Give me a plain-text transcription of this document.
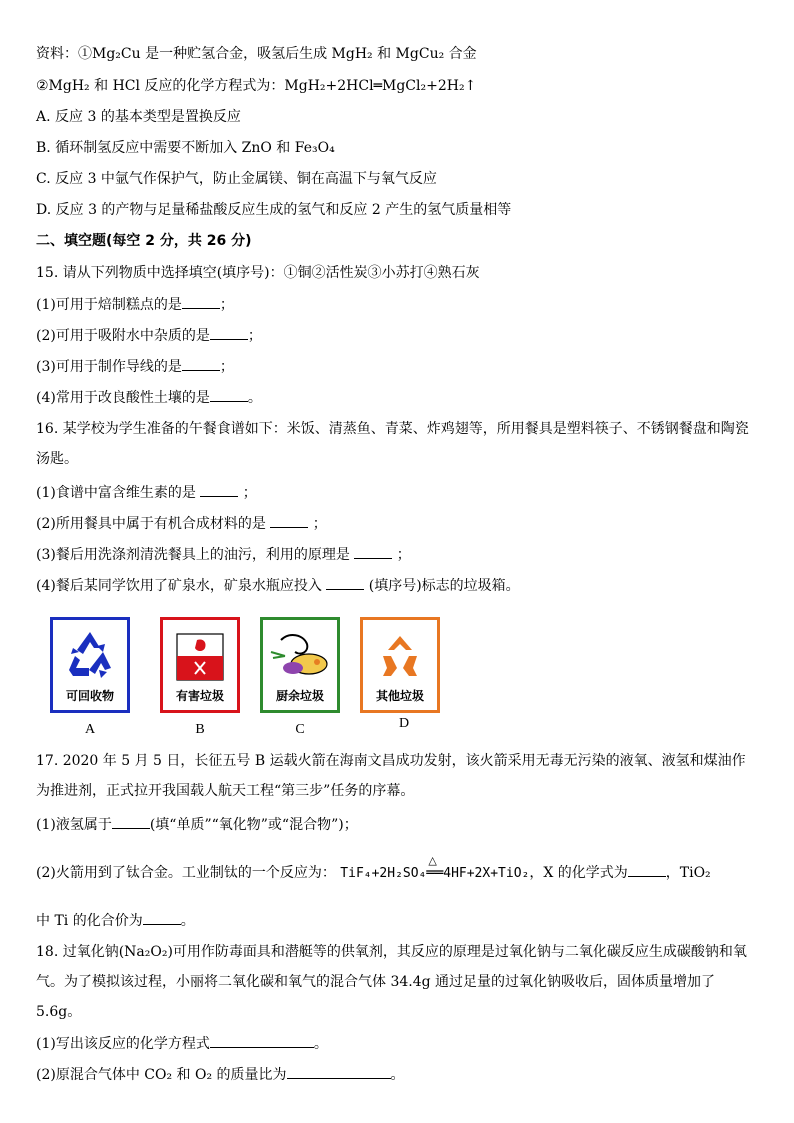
资料：①Mg₂Cu 是一种贮氢合金，吸氢后生成 MgH₂ 和 MgCu₂ 合金
②MgH₂ 和 HCl 反应的化学方程式为：MgH₂+2HCl═MgCl₂+2H₂↑
A. 反应 3 的基本类型是置换反应
B. 循环制氢反应中需要不断加入 ZnO 和 Fe₃O₄
C. 反应 3 中氩气作保护气，防止金属镁、铜在高温下与氧气反应
D. 反应 3 的产物与足量稀盐酸反应生成的氢气和反应 2 产生的氢气质量相等
二、填空题(每空 2 分，共 26 分)
15. 请从下列物质中选择填空(填序号)：①铜②活性炭③小苏打④熟石灰
(1)可用于焙制糕点的是	；
(2)可用于吸附水中杂质的是	；
(3)可用于制作导线的是	；
(4)常用于改良酸性土壤的是	。
16. 某学校为学生准备的午餐食谱如下：米饭、清蒸鱼、青菜、炸鸡翅等，所用餐具是塑料筷子、不锈钢餐盘和陶瓷汤匙。
(1)食谱中富含维生素的是	；
(2)所用餐具中属于有机合成材料的是	；
(3)餐后用洗涤剂清洗餐具上的油污，利用的原理是	；
(4)餐后某同学饮用了矿泉水，矿泉水瓶应投入	(填序号)标志的垃圾箱。
可回收物	有害垃圾	厨余垃圾	其他垃圾
A	B	C	D
17. 2020 年 5 月 5 日，长征五号 B 运载火箭在海南文昌成功发射，该火箭采用无毒无污染的液氧、液氢和煤油作为推进剂，正式拉开我国载人航天工程“第三步”任务的序幕。
(1)液氢属于	(填“单质”“氧化物”或“混合物”)；
(2)火箭用到了钛合金。工业制钛的一个反应为： TiF₄+2H₂SO₄
△
══4HF+2X+TiO₂，X 的化学式为	，TiO₂
中 Ti 的化合价为	。
18. 过氧化钠(Na₂O₂)可用作防毒面具和潜艇等的供氧剂，其反应的原理是过氧化钠与二氧化碳反应生成碳酸钠和氧气。为了模拟该过程，小丽将二氧化碳和氧气的混合气体 34.4g 通过足量的过氧化钠吸收后，固体质量增加了 5.6g。
(1)写出该反应的化学方程式	。
(2)原混合气体中 CO₂ 和 O₂ 的质量比为	。
